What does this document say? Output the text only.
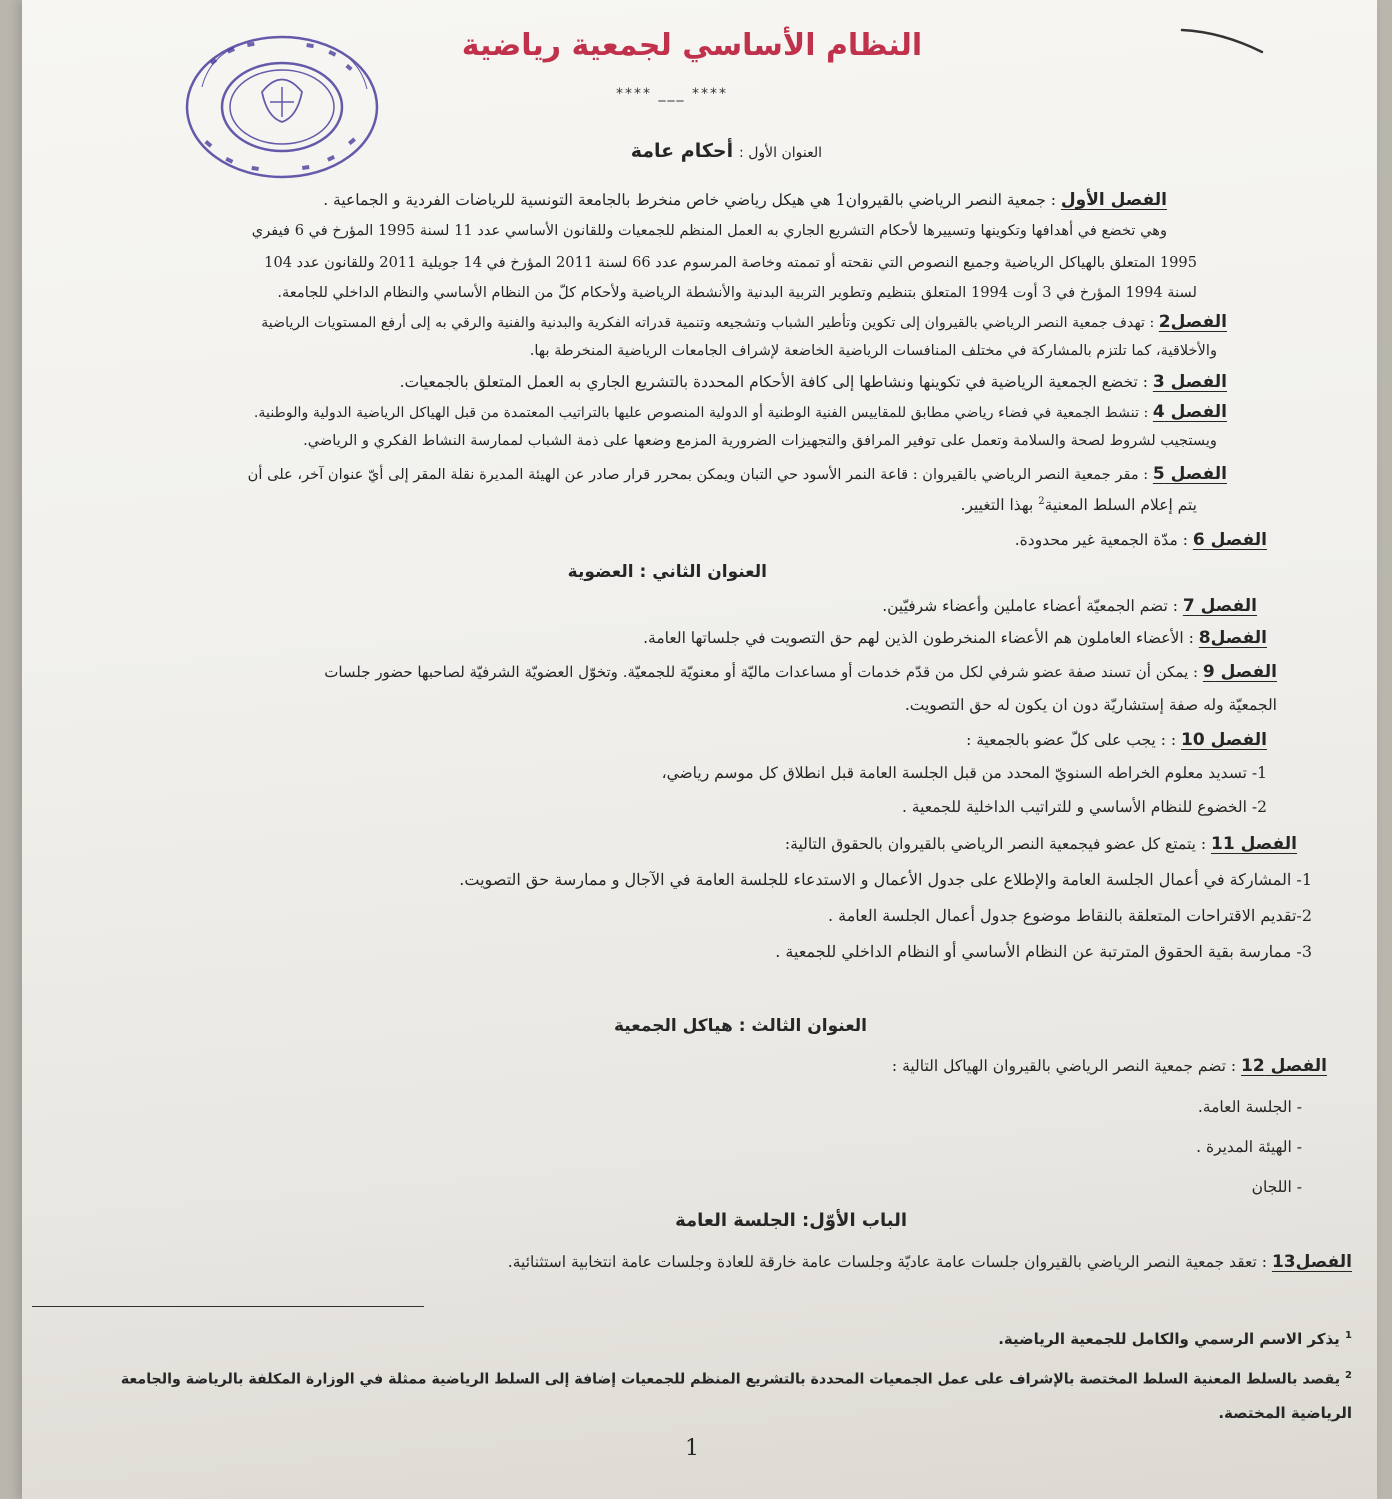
النظام الأساسي لجمعية رياضية
**** ___ ****
العنوان الأول : أحكام عامة
الفصل الأول : جمعية النصر الرياضي بالقيروان1 هي هيكل رياضي خاص منخرط بالجامعة التونسية للرياضات الفردية و الجماعية .
وهي تخضع في أهدافها وتكوينها وتسييرها لأحكام التشريع الجاري به العمل المنظم للجمعيات وللقانون الأساسي عدد 11 لسنة 1995 المؤرخ في 6 فيفري
1995 المتعلق بالهياكل الرياضية وجميع النصوص التي نقحته أو تممته وخاصة المرسوم عدد 66 لسنة 2011 المؤرخ في 14 جويلية 2011 وللقانون عدد 104
لسنة 1994 المؤرخ في 3 أوت 1994 المتعلق بتنظيم وتطوير التربية البدنية والأنشطة الرياضية ولأحكام كلّ من النظام الأساسي والنظام الداخلي للجامعة.
الفصل2 : تهدف جمعية النصر الرياضي بالقيروان إلى تكوين وتأطير الشباب وتشجيعه وتنمية قدراته الفكرية والبدنية والفنية والرقي به إلى أرفع المستويات الرياضية
والأخلاقية، كما تلتزم بالمشاركة في مختلف المنافسات الرياضية الخاضعة لإشراف الجامعات الرياضية المنخرطة بها.
الفصل 3 : تخضع الجمعية الرياضية في تكوينها ونشاطها إلى كافة الأحكام المحددة بالتشريع الجاري به العمل المتعلق بالجمعيات.
الفصل 4 : تنشط الجمعية في فضاء رياضي مطابق للمقاييس الفنية الوطنية أو الدولية المنصوص عليها بالتراتيب المعتمدة من قبل الهياكل الرياضية الدولية والوطنية.
ويستجيب لشروط لصحة والسلامة وتعمل على توفير المرافق والتجهيزات الضرورية المزمع وضعها على ذمة الشباب لممارسة النشاط الفكري و الرياضي.
الفصل 5 : مقر جمعية النصر الرياضي بالقيروان : قاعة النمر الأسود حي التبان ويمكن بمحرر قرار صادر عن الهيئة المديرة نقلة المقر إلى أيّ عنوان آخر، على أن
يتم إعلام السلط المعنية$^2$ بهذا التغيير.
الفصل 6 : مدّة الجمعية غير محدودة.
العنوان الثاني : العضوية
الفصل 7 : تضم الجمعيّة أعضاء عاملين وأعضاء شرفيّين.
الفصل8 : الأعضاء العاملون هم الأعضاء المنخرطون الذين لهم حق التصويت في جلساتها العامة.
الفصل 9 : يمكن أن تسند صفة عضو شرفي لكل من قدّم خدمات أو مساعدات ماليّة أو معنويّة للجمعيّة. وتخوّل العضويّة الشرفيّة لصاحبها حضور جلسات
الجمعيّة وله صفة إستشاريّة دون ان يكون له حق التصويت.
الفصل 10 : : يجب على كلّ عضو بالجمعية :
1- تسديد معلوم الخراطه السنويّ المحدد من قبل الجلسة العامة قبل انطلاق كل موسم رياضي،
2- الخضوع للنظام الأساسي و للتراتيب الداخلية للجمعية .
الفصل 11 : يتمتع كل عضو فيجمعية النصر الرياضي بالقيروان بالحقوق التالية:
1- المشاركة في أعمال الجلسة العامة والإطلاع على جدول الأعمال و الاستدعاء للجلسة العامة في الآجال و ممارسة حق التصويت.
2-تقديم الاقتراحات المتعلقة بالنقاط موضوع جدول أعمال الجلسة العامة .
3- ممارسة بقية الحقوق المترتبة عن النظام الأساسي أو النظام الداخلي للجمعية .
العنوان الثالث : هياكل الجمعية
الفصل 12 : تضم جمعية النصر الرياضي بالقيروان الهياكل التالية :
- الجلسة العامة.
- الهيئة المديرة .
- اللجان
الباب الأوّل: الجلسة العامة
الفصل13 : تعقد جمعية النصر الرياضي بالقيروان جلسات عامة عاديّة وجلسات عامة خارقة للعادة وجلسات عامة انتخابية استثنائية.
$^1$ يذكر الاسم الرسمي والكامل للجمعية الرياضية.
$^2$ يقصد بالسلط المعنية السلط المختصة بالإشراف على عمل الجمعيات المحددة بالتشريع المنظم للجمعيات إضافة إلى السلط الرياضية ممثلة في الوزارة المكلفة بالرياضة والجامعة
الرياضية المختصة.
1
